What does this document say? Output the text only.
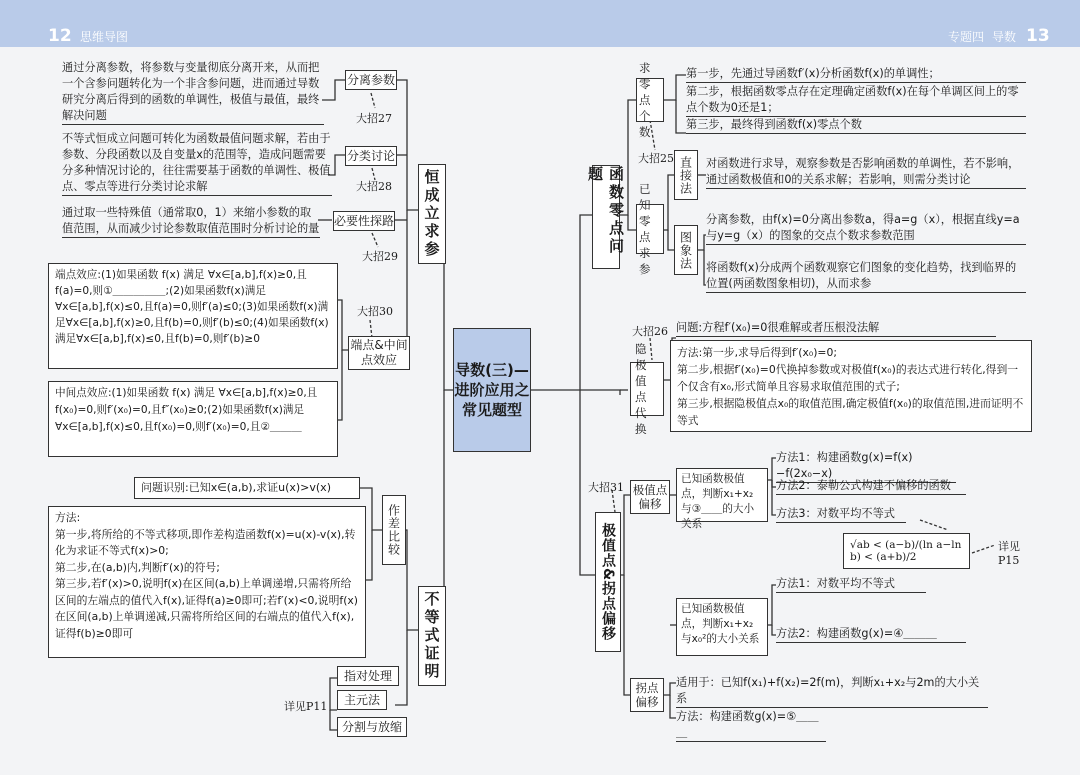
12 思维导图	专题四 导数 13
导数(三)—进阶应用之常见题型
恒成立求参
分离参数
大招27
通过分离参数，将参数与变量彻底分离开来，从而把一个含参问题转化为一个非含参问题，进而通过导数研究分离后得到的函数的单调性，极值与最值，最终解决问题
分类讨论
大招28
不等式恒成立问题可转化为函数最值问题求解，若由于参数、分段函数以及自变量x的范围等，造成问题需要分多种情况讨论的，往往需要基于函数的单调性、极值点、零点等进行分类讨论求解
必要性探路
大招29
通过取一些特殊值（通常取0，1）来缩小参数的取值范围，从而减少讨论参数取值范围时分析讨论的量
端点&中间点效应
大招30
端点效应:(1)如果函数 f(x) 满足 ∀x∈[a,b],f(x)≥0,且f(a)=0,则①＿＿＿＿＿;(2)如果函数f(x)满足∀x∈[a,b],f(x)≤0,且f(a)=0,则f′(a)≤0;(3)如果函数f(x)满足∀x∈[a,b],f(x)≥0,且f(b)=0,则f′(b)≤0;(4)如果函数f(x)满足∀x∈[a,b],f(x)≤0,且f(b)=0,则f′(b)≥0
中间点效应:(1)如果函数 f(x) 满足 ∀x∈[a,b],f(x)≥0,且f(x₀)=0,则f′(x₀)=0,且f″(x₀)≥0;(2)如果函数f(x)满足∀x∈[a,b],f(x)≤0,且f(x₀)=0,则f′(x₀)=0,且②＿＿＿
不等式证明
作差比较
问题识别:已知x∈(a,b),求证u(x)>v(x)
方法:
第一步,将所给的不等式移项,即作差构造函数f(x)=u(x)-v(x),转化为求证不等式f(x)>0;
第二步,在(a,b)内,判断f′(x)的符号;
第三步,若f′(x)>0,说明f(x)在区间(a,b)上单调递增,只需将所给区间的左端点的值代入f(x),证得f(a)≥0即可;若f′(x)<0,说明f(x)在区间(a,b)上单调递减,只需将所给区间的右端点的值代入f(x),证得f(b)≥0即可
指对处理
主元法
分割与放缩
详见P11
函数零点问题
求零点个数
大招25
第一步，先通过导函数f′(x)分析函数f(x)的单调性；
第二步，根据函数零点存在定理确定函数f(x)在每个单调区间上的零点个数为0还是1；
第三步，最终得到函数f(x)零点个数
已知零点求参
直接法 对函数进行求导，观察参数是否影响函数的单调性，若不影响，通过函数极值和0的关系求解；若影响，则需分类讨论
图象法
分离参数，由f(x)=0分离出参数a，得a=g（x），根据直线y=a与y=g（x）的图象的交点个数求参数范围
将函数f(x)分成两个函数观察它们图象的变化趋势，找到临界的位置(两函数图象相切)，从而求参
隐极值点代换
大招26 问题:方程f′(x₀)=0很难解或者压根没法解
方法:第一步,求导后得到f′(x₀)=0;
第二步,根据f′(x₀)=0代换掉参数或对极值f(x₀)的表达式进行转化,得到一个仅含有x₀,形式简单且容易求取值范围的式子;
第三步,根据隐极值点x₀的取值范围,确定极值f(x₀)的取值范围,进而证明不等式
极值点&拐点偏移
大招31 极值点偏移
已知函数极值点，判断x₁+x₂与③＿＿的大小关系
方法1：构建函数g(x)=f(x)−f(2x₀−x)
方法2：泰勒公式构建不偏移的函数
方法3：对数平均不等式
√ab < (a−b)/(ln a−ln b) < (a+b)/2
详见P15
已知函数极值点，判断x₁+x₂与x₀²的大小关系
方法1：对数平均不等式
方法2：构建函数g(x)=④＿＿＿
拐点偏移
适用于：已知f(x₁)+f(x₂)=2f(m)，判断x₁+x₂与2m的大小关系
方法：构建函数g(x)=⑤＿＿＿
